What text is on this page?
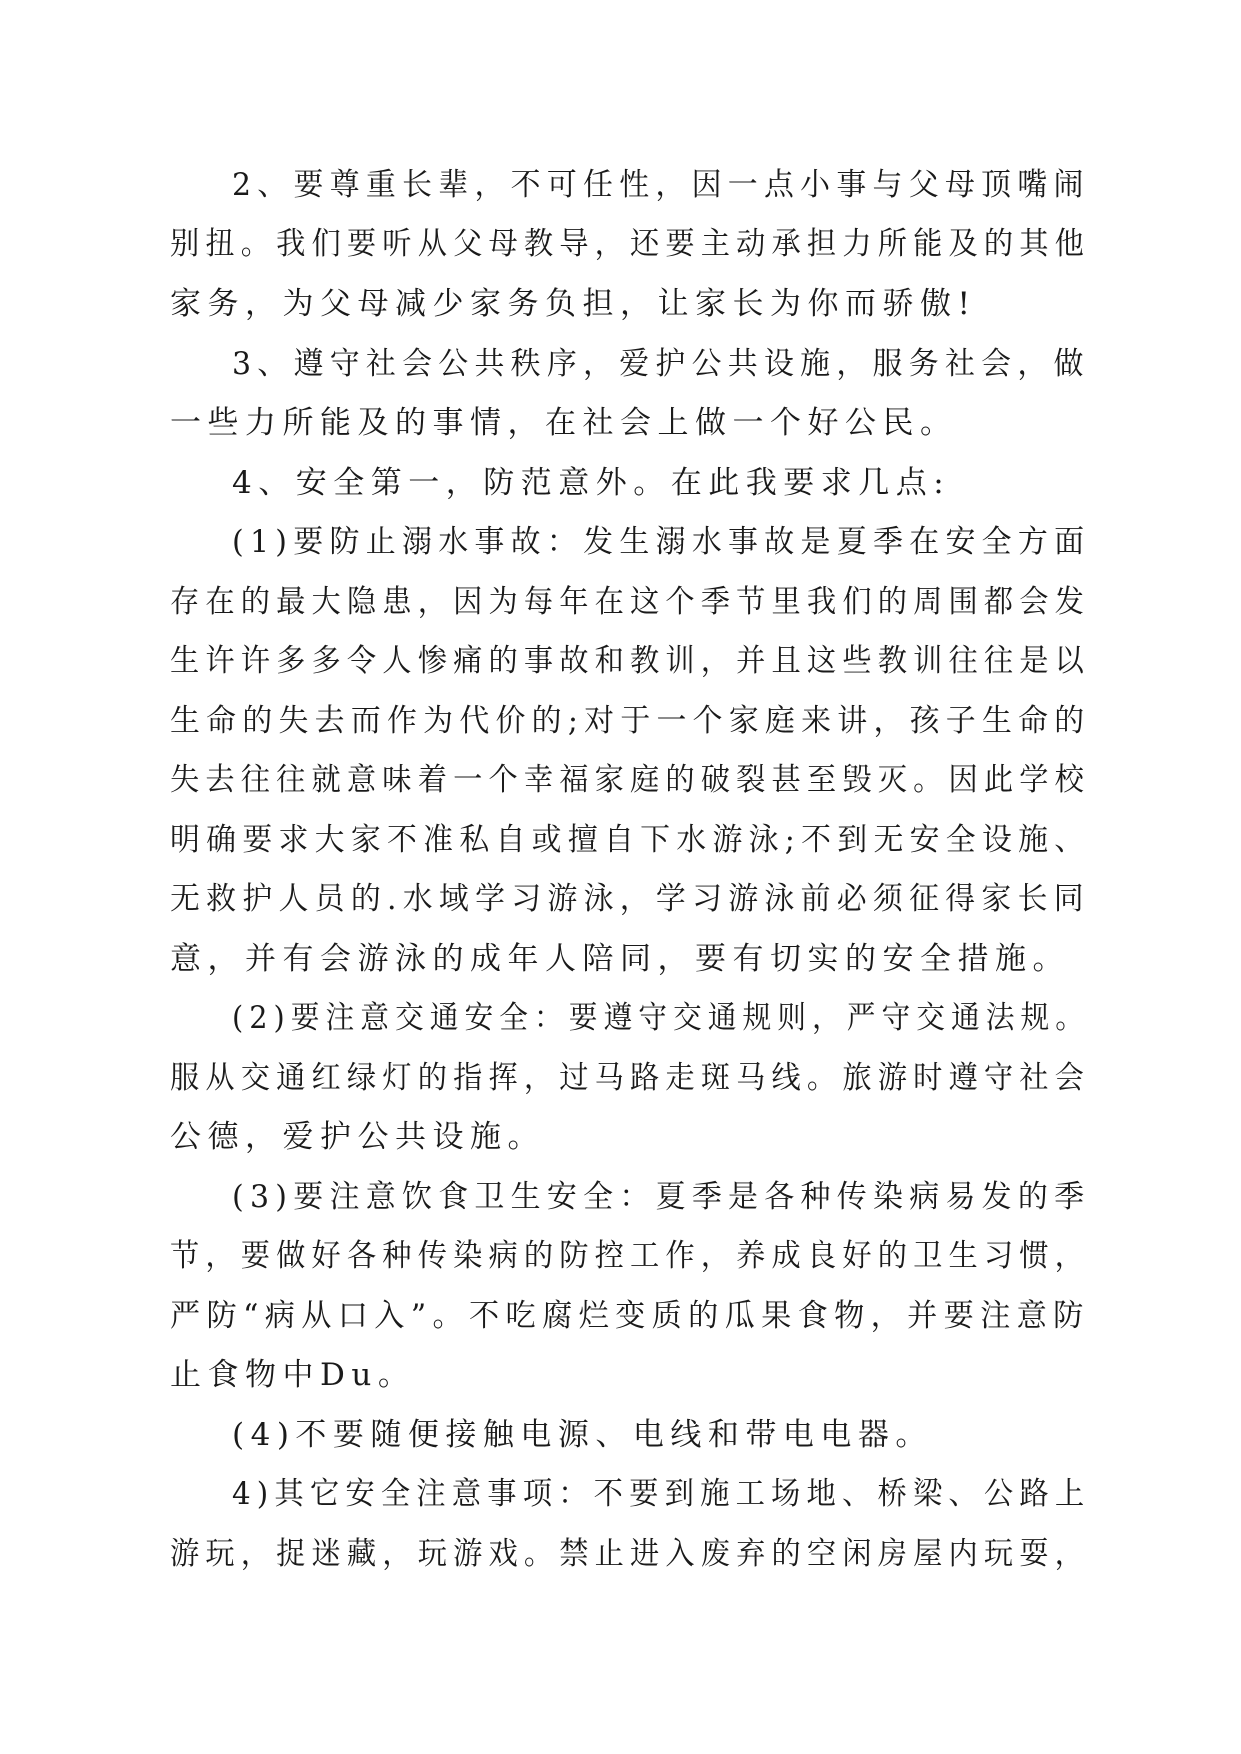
2、要尊重长辈，不可任性，因一点小事与父母顶嘴闹
别扭。我们要听从父母教导，还要主动承担力所能及的其他
家务，为父母减少家务负担，让家长为你而骄傲!
3、遵守社会公共秩序，爱护公共设施，服务社会，做
一些力所能及的事情，在社会上做一个好公民。
4、安全第一，防范意外。在此我要求几点:
(1)要防止溺水事故：发生溺水事故是夏季在安全方面
存在的最大隐患，因为每年在这个季节里我们的周围都会发
生许许多多令人惨痛的事故和教训，并且这些教训往往是以
生命的失去而作为代价的;对于一个家庭来讲，孩子生命的
失去往往就意味着一个幸福家庭的破裂甚至毁灭。因此学校
明确要求大家不准私自或擅自下水游泳;不到无安全设施、
无救护人员的.水域学习游泳，学习游泳前必须征得家长同
意，并有会游泳的成年人陪同，要有切实的安全措施。
(2)要注意交通安全：要遵守交通规则，严守交通法规。
服从交通红绿灯的指挥，过马路走斑马线。旅游时遵守社会
公德，爱护公共设施。
(3)要注意饮食卫生安全：夏季是各种传染病易发的季
节，要做好各种传染病的防控工作，养成良好的卫生习惯，
严防“病从口入”。不吃腐烂变质的瓜果食物，并要注意防
止食物中Du。
(4)不要随便接触电源、电线和带电电器。
4)其它安全注意事项：不要到施工场地、桥梁、公路上
游玩，捉迷藏，玩游戏。禁止进入废弃的空闲房屋内玩耍，
